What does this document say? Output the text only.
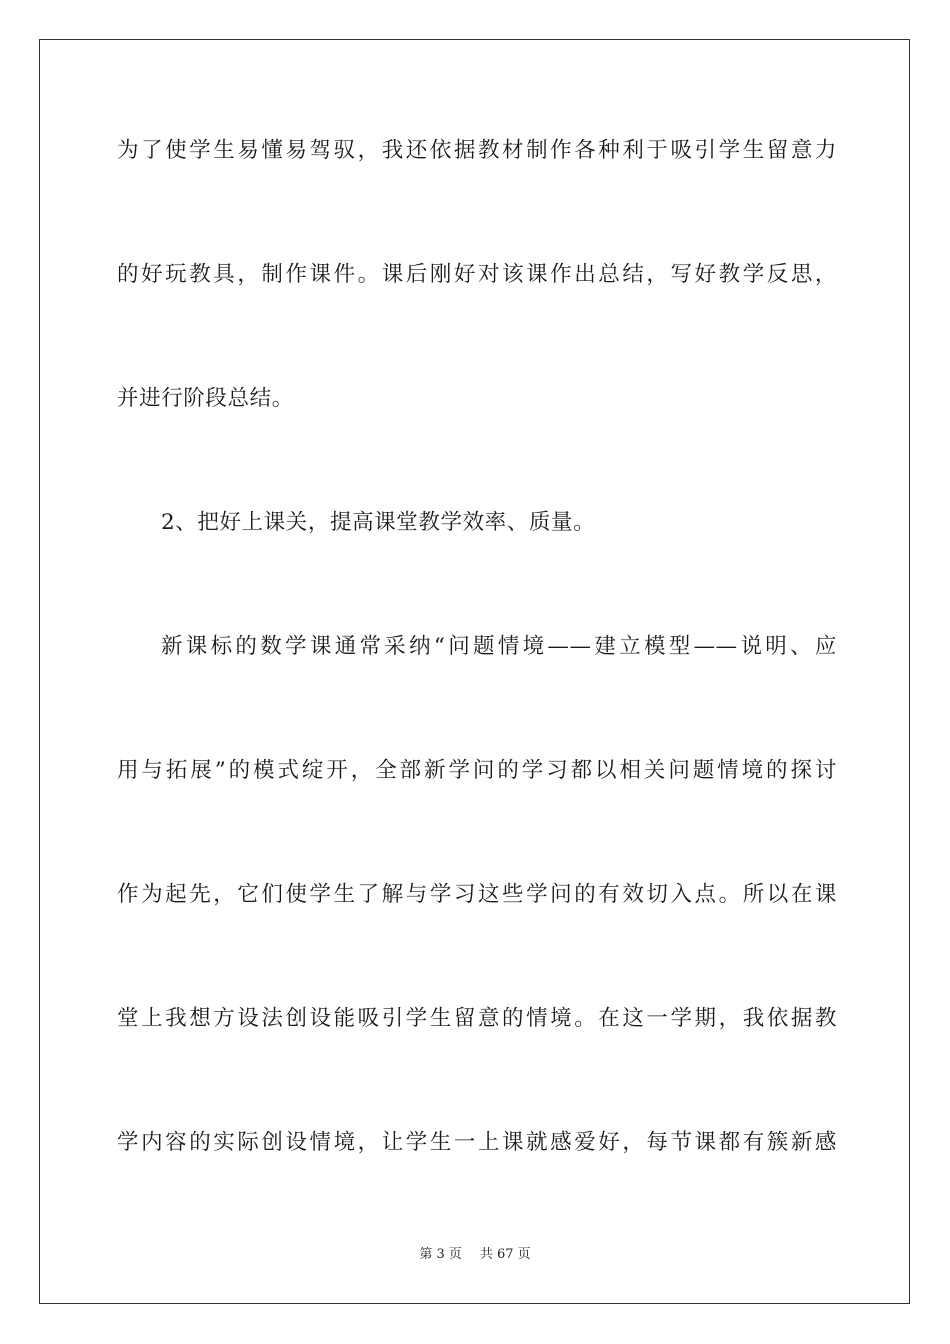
为了使学生易懂易驾驭，我还依据教材制作各种利于吸引学生留意力
的好玩教具，制作课件。课后刚好对该课作出总结，写好教学反思，
并进行阶段总结。
2、把好上课关，提高课堂教学效率、质量。
新课标的数学课通常采纳“问题情境——建立模型——说明、应
用与拓展”的模式绽开，全部新学问的学习都以相关问题情境的探讨
作为起先，它们使学生了解与学习这些学问的有效切入点。所以在课
堂上我想方设法创设能吸引学生留意的情境。在这一学期，我依据教
学内容的实际创设情境，让学生一上课就感爱好，每节课都有簇新感
第 3 页 共 67 页
